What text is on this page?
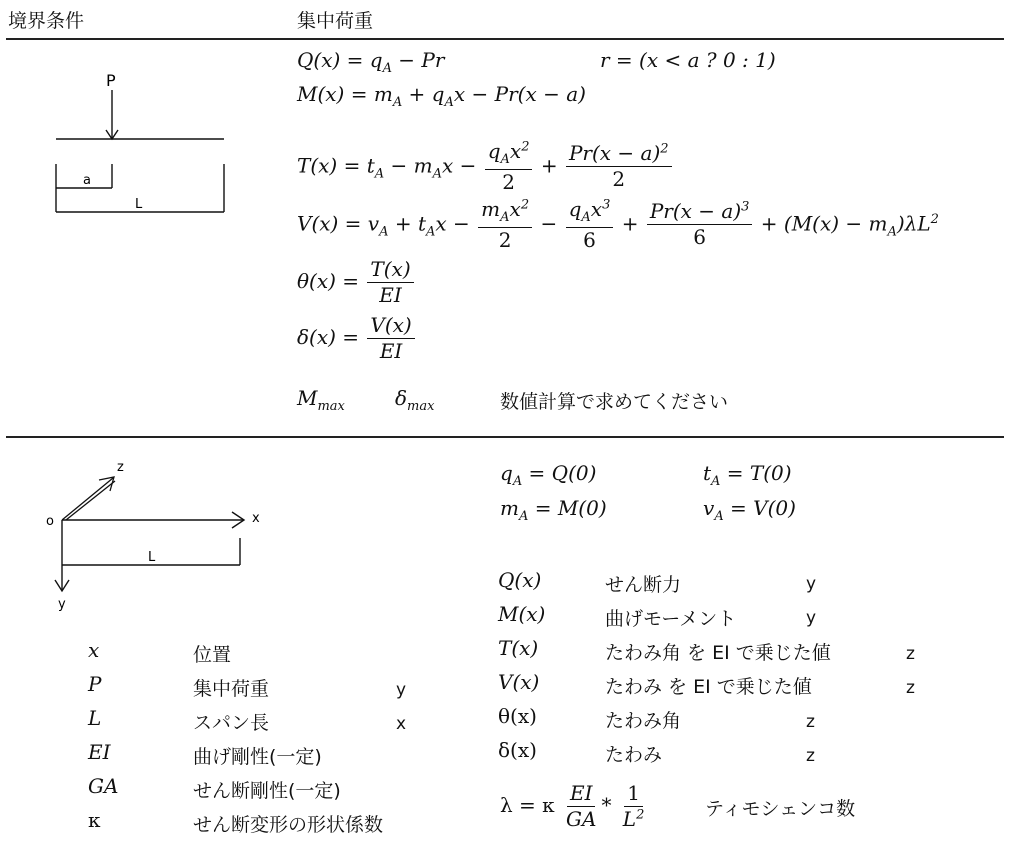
境界条件	集中荷重
P
a
L
$Q(x) = q_A - Pr$	r = (x < a ? 0 : 1)
$M(x) = m_A + q_Ax - Pr(x - a)$
$T(x) = t_A - m_Ax - \frac{q_Ax^2}{2} + \frac{Pr(x - a)^2}{2}$
$V(x) = v_A + t_Ax - \frac{m_Ax^2}{2} - \frac{q_Ax^3}{6} + \frac{Pr(x - a)^3}{6} + (M(x) - m_A)\lambda L^2$
$\theta(x) = \frac{T(x)}{EI}$
$\delta(x) = \frac{V(x)}{EI}$
$M_{max}$	$\delta_{max}$	数値計算で求めてください
o	x
y
z
L
$q_A = Q(0)$	$t_A = T(0)$
$m_A = M(0)$	$v_A = V(0)$
x	位置
P	集中荷重	y
L	スパン長	x
EI	曲げ剛性(一定)
GA	せん断剛性(一定)
κ	せん断変形の形状係数
Q(x)	せん断力	y
M(x)	曲げモーメント	y
T(x)	たわみ角 を EI で乗じた値	z
V(x)	たわみ を EI で乗じた値	z
θ(x)	たわみ角	z
δ(x)	たわみ	z
λ = κ $\frac{EI}{GA} * \frac{1}{L^2}$	ティモシェンコ数
